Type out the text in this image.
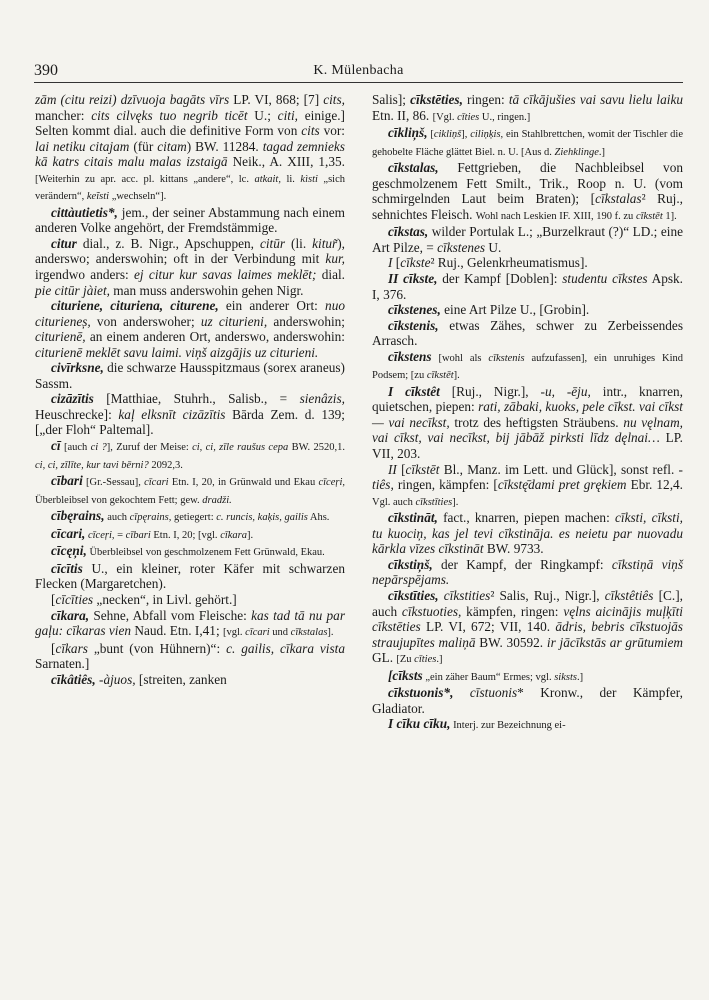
390	K. Mülenbacha

zām (citu reizi) dzīvuoja bagāts vīrs LP. VI, 868; [7] cits, mancher: cits cilvęks tuo negrib ticēt U.; citi, einige.] Selten kommt dial. auch die definitive Form von cits vor: lai netiku citajam (für citam) BW. 11284. tagad zemnieks kā katrs citais malu malas izstaigā Neik., A. XIII, 1,35. [Weiterhin zu apr. acc. pl. kittans „andere“, lc. atkait, li. kìsti „sich verändern“, keĩsti „wechseln“].

cittàutietis*, jem., der seiner Abstammung nach einem anderen Volke angehört, der Fremdstämmige.

citur dial., z. B. Nigr., Apschuppen, citūr (li. kitur̃), anderswo; anderswohin; oft in der Verbindung mit kur, irgendwo anders: ej citur kur savas laimes meklēt; dial. pie citūr jàiet, man muss anderswohin gehen Nigr.

cituriene, cituriena, citurene, ein anderer Ort: nuo cituriene̦s, von anderswoher; uz citurieni, anderswohin; citurienē, an einem anderen Ort, anderswo, anderswohin: citurienē meklēt savu laimi. viņš aizgājis uz citurieni.

civīrksne, die schwarze Hausspitzmaus (sorex araneus) Sassm.

cizāzītis [Matthiae, Stuhrh., Salisb., = sienâzis, Heuschrecke]: kaļ elksnīt cizāzītis Bārda Zem. d. 139; [„der Floh“ Paltemal].

cī [auch ci ?], Zuruf der Meise: ci, ci, zīle raušus cepa BW. 2520,1. ci, ci, zīlīte, kur tavi bērni? 2092,3.

cībari [Gr.-Sessau], cīcari Etn. I, 20, in Grünwald und Ekau cīceŗi, Überbleibsel von gekochtem Fett; gew. dradži.

cībęrains, auch cīpęrains, getiegert: c. runcis, kaķis, gailis Ahs.

cīcari, cīceŗi, = cībari Etn. I, 20; [vgl. cīkara].

cīcęņi, Überbleibsel von geschmolzenem Fett Grünwald, Ekau.

cīcītis U., ein kleiner, roter Käfer mit schwarzen Flecken (Margaretchen).

[cīcīties „necken“, in Livl. gehört.]

cīkara, Sehne, Abfall vom Fleische: kas tad tā nu par gaļu: cīkaras vien Naud. Etn. I,41; [vgl. cīcari und cīkstalas].

[cīkars „bunt (von Hühnern)“: c. gailis, cīkara vista Sarnaten.]

cīkâtiês, -àjuos, [streiten, zanken

Salis]; cīkstēties, ringen: tā cīkājušies vai savu lielu laiku Etn. II, 86. [Vgl. cīties U., ringen.]

cīkliņš, [cikliņš], ciliņķis, ein Stahlbrettchen, womit der Tischler die gehobelte Fläche glättet Biel. n. U. [Aus d. Ziehklinge.]

cīkstalas, Fettgrieben, die Nachbleibsel von geschmolzenem Fett Smilt., Trik., Roop n. U. (vom schmirgelnden Laut beim Braten); [cīkstalas² Ruj., sehnichtes Fleisch. Wohl nach Leskien IF. XIII, 190 f. zu cīkstēt 1].

cīkstas, wilder Portulak L.; „Burzelkraut (?)“ LD.; eine Art Pilze, = cīkstenes U.

I [cīkste² Ruj., Gelenkrheumatismus].

II cīkste, der Kampf [Doblen]: studentu cīkstes Apsk. I, 376.

cīkstenes, eine Art Pilze U., [Grobin].

cīkstenis, etwas Zähes, schwer zu Zerbeissendes Arrasch.

cīkstens [wohl als cīkstenis aufzufassen], ein unruhiges Kind Podsem; [zu cīkstēt].

I cīkstêt [Ruj., Nigr.], -u, -ēju, intr., knarren, quietschen, piepen: rati, zābaki, kuoks, pele cīkst. vai cīkst — vai necīkst, trotz des heftigsten Sträubens. nu vęlnam, vai cīkst, vai necīkst, bij jābāž pirksti līdz dęlnai… LP. VII, 203.

II [cīkstēt Bl., Manz. im Lett. und Glück], sonst refl. -tiês, ringen, kämpfen: [cīkstę̄dami pret grękiem Ebr. 12,4. Vgl. auch cīkstīties].

cīkstināt, fact., knarren, piepen machen: cīksti, cīksti, tu kuociņ, kas jel tevi cīkstināja. es neietu par nuovadu kārkla vīzes cīkstināt BW. 9733.

cīkstiņš, der Kampf, der Ringkampf: cīkstiņā viņš nepārspējams.

cīkstīties, cīkstities² Salis, Ruj., Nigr.], cīkstêtiês [C.], auch cīkstuoties, kämpfen, ringen: vęlns aicinājis muļķīti cīkstēties LP. VI, 672; VII, 140. ādris, bebris cīkstuojās straujupītes maliņā BW. 30592. ir jācīkstās ar grūtumiem GL. [Zu cīties.]

[cīksts „ein zäher Baum“ Ermes; vgl. siksts.]

cīkstuonis*, cīstuonis* Kronw., der Kämpfer, Gladiator.

I cīku cīku, Interj. zur Bezeichnung ei-
